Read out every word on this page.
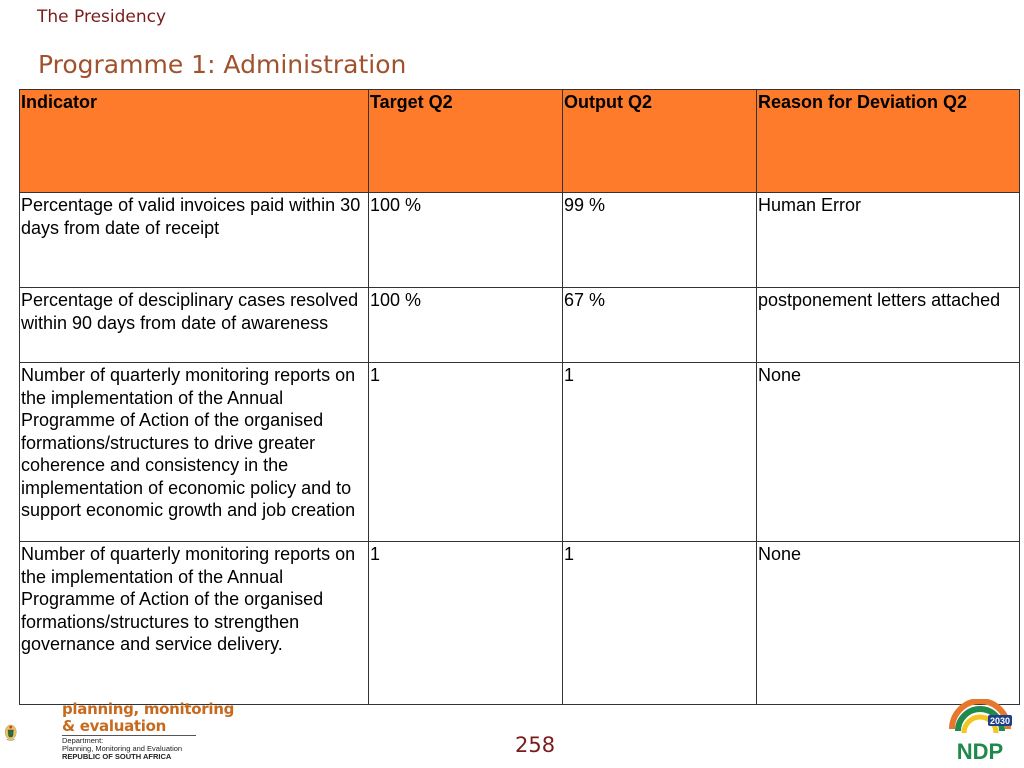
The Presidency
Programme 1: Administration
Indicator	Target Q2	Output Q2	Reason for Deviation Q2
Percentage of valid invoices paid within 30 days from date of receipt	100 %	99 %	Human Error
Percentage of desciplinary cases resolved within 90 days from date of awareness	100 %	67 %	postponement letters attached
Number of quarterly monitoring reports on the implementation of the Annual Programme of Action of the organised formations/structures to drive greater coherence and consistency in the implementation of economic policy and to support economic growth and job creation	1	1	None
Number of quarterly monitoring reports on the implementation of the Annual Programme of Action of the organised formations/structures to strengthen governance and service delivery.	1	1	None
planning, monitoring
& evaluation
Department:
Planning, Monitoring and Evaluation
REPUBLIC OF SOUTH AFRICA	258
2030
NDP
